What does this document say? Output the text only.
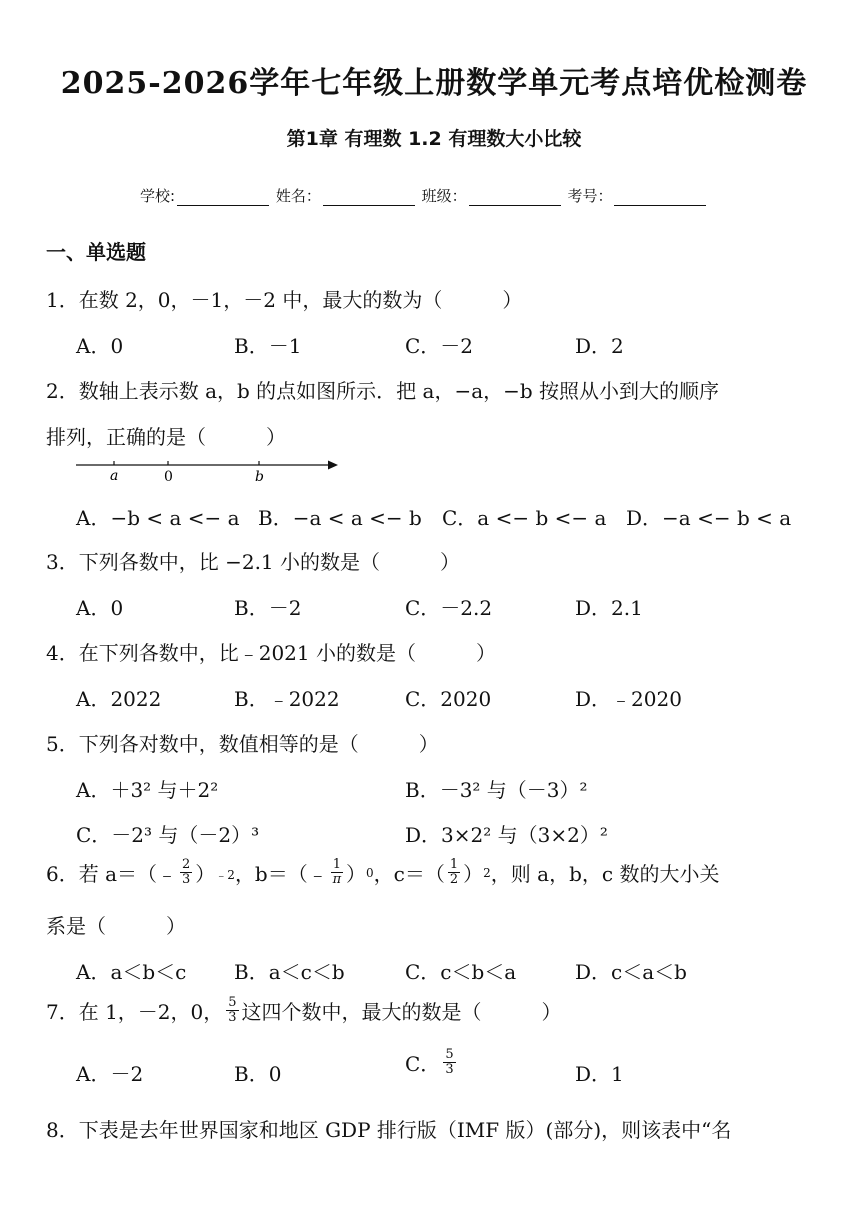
2025-2026学年七年级上册数学单元考点培优检测卷
第1章 有理数 1.2 有理数大小比较
学校:	姓名：	班级：	考号：
一、单选题
1．在数 2，0，－1，－2 中，最大的数为（　　　）
A．0	B．－1	C．－2	D．2
2．数轴上表示数 a，b 的点如图所示．把 a，−a，−b 按照从小到大的顺序
排列，正确的是（　　　）
a	0	b
A．−b < a <− a B．−a < a <− b C．a <− b <− a D．−a <− b < a
3．下列各数中，比 −2.1 小的数是（　　　）
A．0	B．－2	C．－2.2	D．2.1
4．在下列各数中，比﹣2021 小的数是（　　　）
A．2022	B．﹣2022	C．2020	D．﹣2020
5．下列各对数中，数值相等的是（　　　）
A．＋3² 与＋2²	B．－3² 与（－3）²
C．－2³ 与（－2）³	D．3×2² 与（3×2）²
6．若 a＝（﹣ $\frac{2}{3}$ ） ﹣2 ，b＝（﹣ $\frac{1}{\pi}$ ） 0 ，$c=( \frac{1}{2}$ ） 2 ，则 a，b，c 数的大小关
系是（　　　）
A．a＜b＜c B．a＜c＜b	C．c＜b＜a	D．c＜a＜b
7．在 1，－2，0， $\frac{5}{3}$ 这四个数中，最大的数是（　　　）
A．－2	B．0	C． $\frac{5}{3}$	D．1
8．下表是去年世界国家和地区 GDP 排行版（IMF 版）(部分)，则该表中“名
